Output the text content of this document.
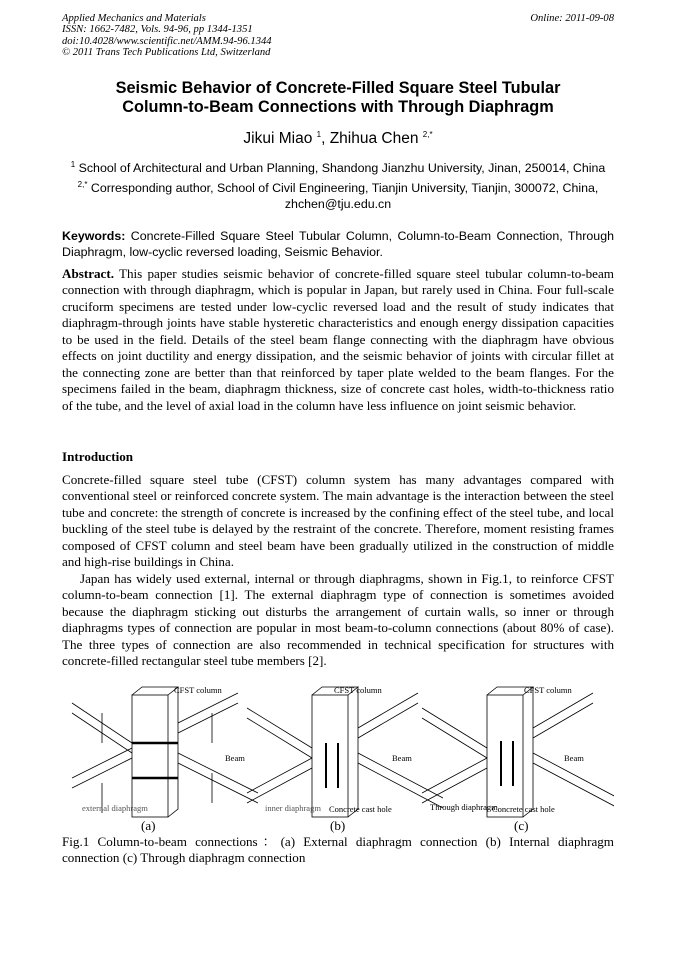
Applied Mechanics and Materials
ISSN: 1662-7482, Vols. 94-96, pp 1344-1351
doi:10.4028/www.scientific.net/AMM.94-96.1344
© 2011 Trans Tech Publications Ltd, Switzerland
Online: 2011-09-08
Seismic Behavior of Concrete-Filled Square Steel Tubular
Column-to-Beam Connections with Through Diaphragm
Jikui Miao $^1$, Zhihua Chen $^{2,*}$
$^1$ School of Architectural and Urban Planning, Shandong Jianzhu University, Jinan, 250014, China
$^{2,*}$ Corresponding author, School of Civil Engineering, Tianjin University, Tianjin, 300072, China,
zhchen@tju.edu.cn
Keywords: Concrete-Filled Square Steel Tubular Column, Column-to-Beam Connection, Through Diaphragm, low-cyclic reversed loading, Seismic Behavior.
Abstract. This paper studies seismic behavior of concrete-filled square steel tubular column-to-beam connection with through diaphragm, which is popular in Japan, but rarely used in China. Four full-scale cruciform specimens are tested under low-cyclic reversed load and the result of study indicates that diaphragm-through joints have stable hysteretic characteristics and enough energy dissipation capacities to be used in the field. Details of the steel beam flange connecting with the diaphragm have obvious effects on joint ductility and energy dissipation, and the seismic behavior of joints with circular fillet at the connecting zone are better than that reinforced by taper plate welded to the beam flanges. For the specimens failed in the beam, diaphragm thickness, size of concrete cast holes, width-to-thickness ratio of the tube, and the level of axial load in the column have less influence on joint seismic behavior.
Introduction
Concrete-filled square steel tube (CFST) column system has many advantages compared with conventional steel or reinforced concrete system. The main advantage is the interaction between the steel tube and concrete: the strength of concrete is increased by the confining effect of the steel tube, and local buckling of the steel tube is delayed by the restraint of the concrete. Therefore, moment resisting frames composed of CFST column and steel beam have been gradually utilized in the construction of middle and high-rise buildings in China.
Japan has widely used external, internal or through diaphragms, shown in Fig.1, to reinforce CFST column-to-beam connection [1]. The external diaphragm type of connection is sometimes avoided because the diaphragm sticking out disturbs the arrangement of curtain walls, so inner or through diaphragms types of connection are popular in most beam-to-column connections (about 80% of case). The three types of connection are also recommended in technical specification for structures with concrete-filled rectangular steel tube members [2].
CFST column
Beam
external diaphragm
CFST column
Beam
inner diaphragm Concrete cast hole
CFST column
Beam
Through diaphragm
Concrete cast hole
(a)	(b)	(c)
Fig.1 Column-to-beam connections：(a) External diaphragm connection (b) Internal diaphragm connection (c) Through diaphragm connection
